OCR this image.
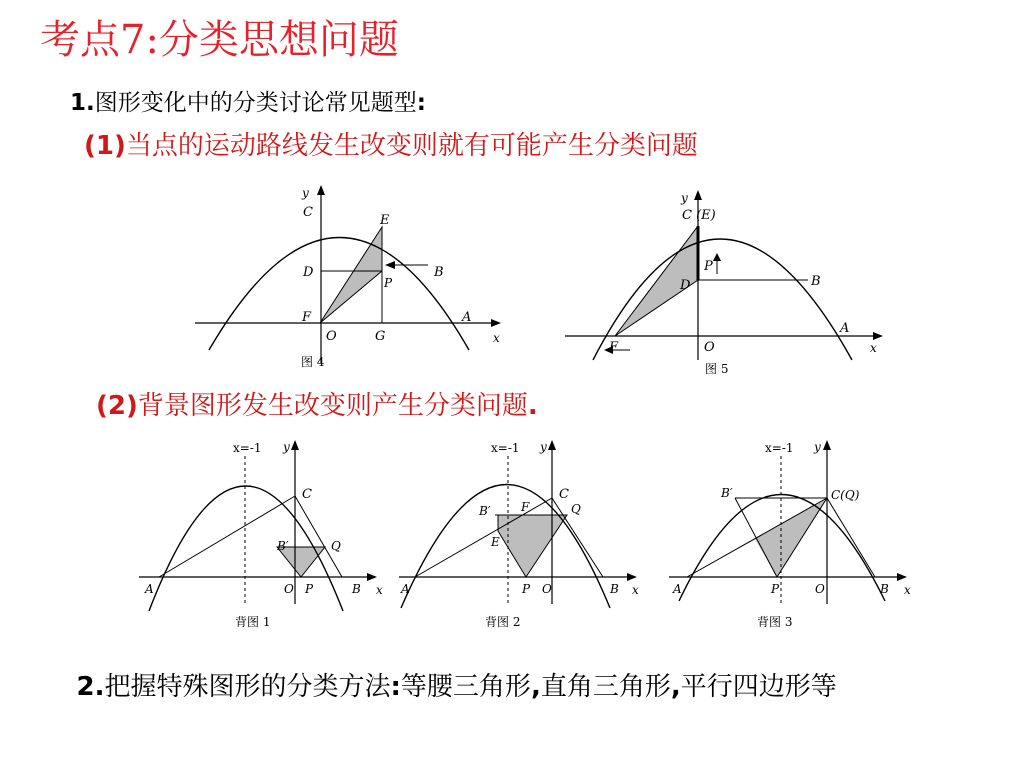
考点7:分类思想问题
1.图形变化中的分类讨论常见题型:
(1)当点的运动路线发生改变则就有可能产生分类问题
y
C
E
D	B
P
F	A
O	G	x
图 4
y
C (E)
P
D	B
A
F	O	x
图 5
(2)背景图形发生改变则产生分类问题.
x=-1 y
C
B′	Q
A	O P	B x
背图 1
x=-1 y
C
B′	F	Q
E
A	P O	B x
背图 2
x=-1 y
B′	C(Q)
A	P	O	B x
背图 3
2.把握特殊图形的分类方法:等腰三角形,直角三角形,平行四边形等
